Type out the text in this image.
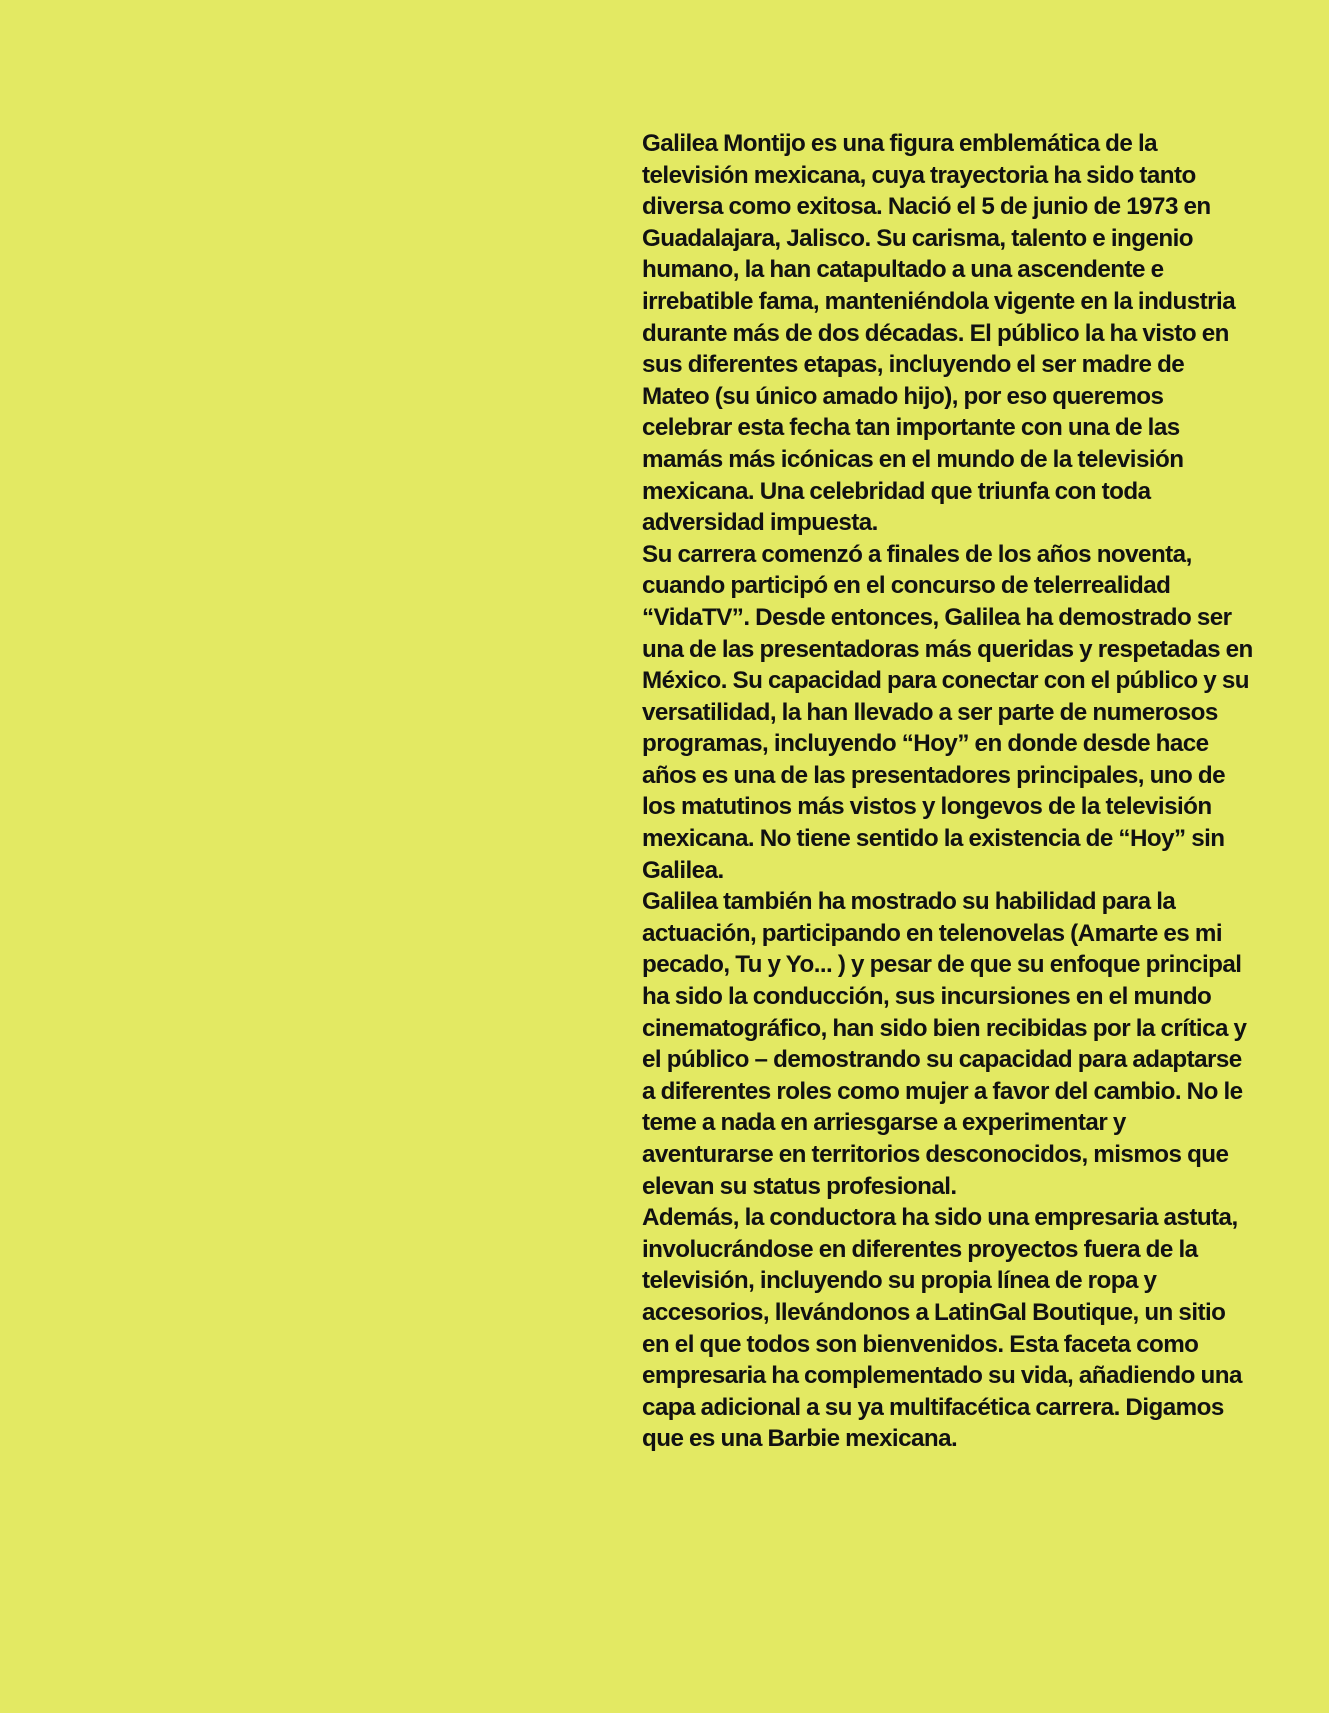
Galilea Montijo es una figura emblemática de la televisión mexicana, cuya trayectoria ha sido tanto diversa como exitosa. Nació el 5 de junio de 1973 en Guadalajara, Jalisco. Su carisma, talento e ingenio humano, la han catapultado a una ascendente e irrebatible fama, manteniéndola vigente en la industria durante más de dos décadas. El público la ha visto en sus diferentes etapas, incluyendo el ser madre de Mateo (su único amado hijo), por eso queremos celebrar esta fecha tan importante con una de las mamás más icónicas en el mundo de la televisión mexicana. Una celebridad que triunfa con toda adversidad impuesta.

Su carrera comenzó a finales de los años noventa, cuando participó en el concurso de telerrealidad “VidaTV”. Desde entonces, Galilea ha demostrado ser una de las presentadoras más queridas y respetadas en México. Su capacidad para conectar con el público y su versatilidad, la han llevado a ser parte de numerosos programas, incluyendo “Hoy” en donde desde hace años es una de las presentadores principales, uno de los matutinos más vistos y longevos de la televisión mexicana. No tiene sentido la existencia de “Hoy” sin Galilea.

Galilea también ha mostrado su habilidad para la actuación, participando en telenovelas (Amarte es mi pecado, Tu y Yo... ) y pesar de que su enfoque principal ha sido la conducción, sus incursiones en el mundo cinematográfico, han sido bien recibidas por la crítica y el público – demostrando su capacidad para adaptarse a diferentes roles como mujer a favor del cambio. No le teme a nada en arriesgarse a experimentar y aventurarse en territorios desconocidos, mismos que elevan su status profesional.

Además, la conductora ha sido una empresaria astuta, involucrándose en diferentes proyectos fuera de la televisión, incluyendo su propia línea de ropa y accesorios, llevándonos a LatinGal Boutique, un sitio en el que todos son bienvenidos. Esta faceta como empresaria ha complementado su vida, añadiendo una capa adicional a su ya multifacética carrera. Digamos que es una Barbie mexicana.
